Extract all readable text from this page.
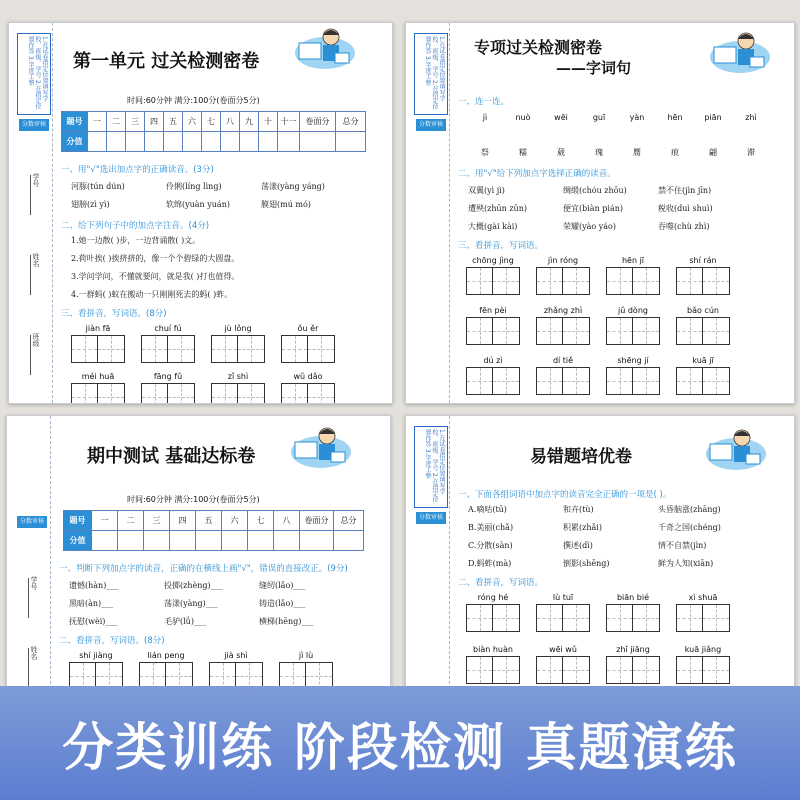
1.在试卷指定位置填写学校、班级、学号 2.在指定位置作答 3.字迹工整
分数审核
学号
姓名
班级
第一单元 过关检测密卷
时间:60分钟 满分:100分(卷面分5分)
题号	一	二	三	四	五	六	七	八	九	十	十一	卷面分	总分
分值													
一、用"√"选出加点字的正确读音。(3分)
河豚(tún dún)	伶俐(líng lìng)	荡漾(yàng yáng)
翅膀(zì yì)	软绵(yuàn yuán)	膜翅(mú mó)
二、给下列句子中的加点字注音。(4分)
1.她一边散( )步，一边背诵散( )文。
2.荷叶挨( )挨挤挤的，像一个个碧绿的大圆盘。
3.学问学问，不懂就要问，就是我( )打也值得。
4.一群蚂( )蚁在搬动一只刚刚死去的蚂( )蚱。
三、看拼音，写词语。(8分)
jiàn fā	chuí fú	jù lǒng	ǒu ěr
méi huā	fāng fǔ	zǐ shì	wǔ dǎo
1.在试卷指定位置填写学校、班级、学号 2.在指定位置作答 3.字迹工整
分数审核
专项过关检测密卷
——字词句
一、连一连。
jì	nuò	wēi	guī	yàn	hēn	piān	zhì
祭	糯	葳	瑰	赝	痕	翩	滞
二、用"√"给下列加点字选择正确的读音。
双翼(yì jì)	绸缎(chóu zhōu)	禁不住(jìn jīn)
遭殃(zhūn zūn)	便宜(biàn pián)	税收(duì shuì)
大概(gài kài)	荣耀(yào yáo)	吞噬(chù zhì)
三、看拼音，写词语。
chōng jìng	jìn róng	hēn jī	shí rán
fēn pèi	zhǎng zhì	jǔ dòng	bǎo cún
dú zì	dí tiě	shēng jí	kuā jī
分数审核
学号
姓名
期中测试 基础达标卷
时间:60分钟 满分:100分(卷面分5分)
题号	一	二	三	四	五	六	七	八	卷面分	总分
分值										
一、判断下列加点字的读音，正确的在横线上画"√"，错误的直接改正。(9分)
遗憾(hàn)___	投掷(zhèng)___	缝纫(lǎo)___
黑暗(àn)___	荡漾(yàng)___	铸造(lǎo)___
抚慰(wèi)___	毛驴(lǘ)___	横梯(hēng)___
二、看拼音，写词语。(8分)
shí jiàng	lián peng	jià shì	jì lù
1.在试卷指定位置填写学校、班级、学号 2.在指定位置作答 3.字迹工整
分数审核
易错题培优卷
一、下面各组词语中加点字的读音完全正确的一项是( )。
A.嘀咕(tū)	和卉(tù)	头昏脑涨(zhāng)
B.美丽(chǎ)	积累(zhǎi)	千奇之国(chéng)
C.分散(sàn)	撰述(dì)	情不自禁(jìn)
D.蚂蚱(mà)	倒影(shēng)	鲜为人知(xiān)
二、看拼音，写词语。
róng hé	lù tuī	biān bié	xì shuā
biàn huàn	wēi wǔ	zhǐ jiāng	kuā jiǎng
分类训练 阶段检测 真题演练
